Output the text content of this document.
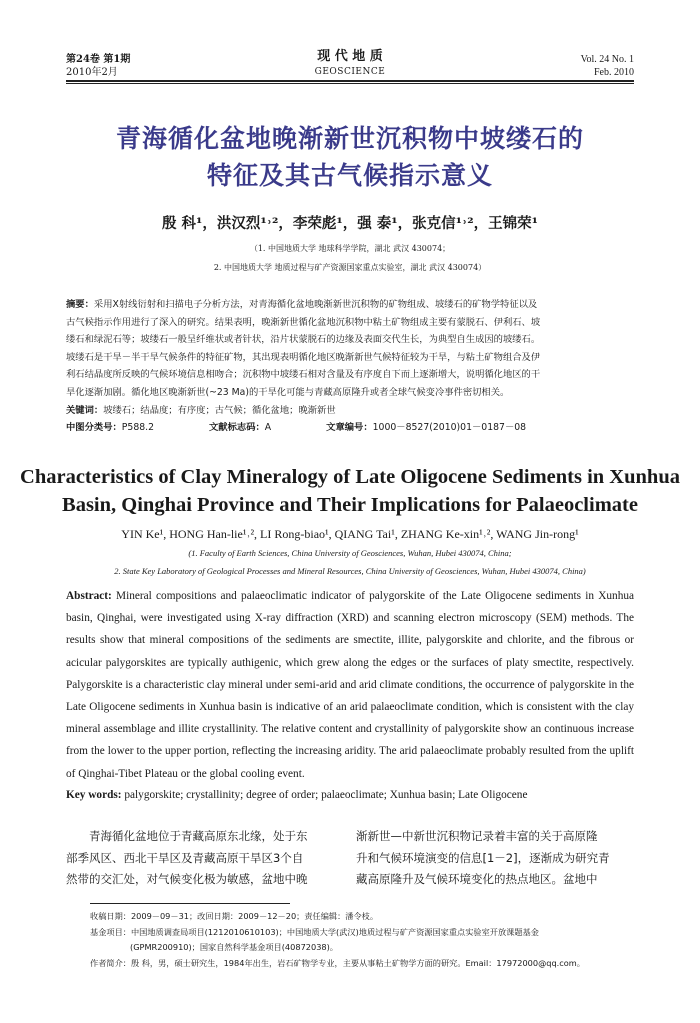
第24卷 第1期
2010年2月
现 代 地 质
GEOSCIENCE
Vol. 24 No. 1
Feb. 2010
青海循化盆地晚渐新世沉积物中坡缕石的
特征及其古气候指示意义
殷 科¹，洪汉烈¹˒²，李荣彪¹，强 泰¹，张克信¹˒²，王锦荣¹
（1. 中国地质大学 地球科学学院，湖北 武汉 430074；
2. 中国地质大学 地质过程与矿产资源国家重点实验室，湖北 武汉 430074）
摘要：采用X射线衍射和扫描电子分析方法，对青海循化盆地晚渐新世沉积物的矿物组成、坡缕石的矿物学特征以及
古气候指示作用进行了深入的研究。结果表明，晚渐新世循化盆地沉积物中粘土矿物组成主要有蒙脱石、伊利石、坡
缕石和绿泥石等；坡缕石一般呈纤维状或者针状，沿片状蒙脱石的边缘及表面交代生长，为典型自生成因的坡缕石。
坡缕石是干旱－半干旱气候条件的特征矿物，其出现表明循化地区晚渐新世气候特征较为干旱，与粘土矿物组合及伊
利石结晶度所反映的气候环境信息相吻合；沉积物中坡缕石相对含量及有序度自下而上逐渐增大，说明循化地区的干
旱化逐渐加剧。循化地区晚渐新世(~23 Ma)的干旱化可能与青藏高原隆升或者全球气候变冷事件密切相关。
关键词：坡缕石；结晶度；有序度；古气候；循化盆地；晚渐新世
中图分类号：P588.2	文献标志码：A	文章编号：1000－8527(2010)01－0187－08
Characteristics of Clay Mineralogy of Late Oligocene Sediments in Xunhua
Basin, Qinghai Province and Their Implications for Palaeoclimate
YIN Ke¹, HONG Han-lie¹˒², LI Rong-biao¹, QIANG Tai¹, ZHANG Ke-xin¹˒², WANG Jin-rong¹
(1. Faculty of Earth Sciences, China University of Geosciences, Wuhan, Hubei 430074, China;
2. State Key Laboratory of Geological Processes and Mineral Resources, China University of Geosciences, Wuhan, Hubei 430074, China)
Abstract: Mineral compositions and palaeoclimatic indicator of palygorskite of the Late Oligocene sediments in Xunhua basin, Qinghai, were investigated using X-ray diffraction (XRD) and scanning electron microscopy (SEM) methods. The results show that mineral compositions of the sediments are smectite, illite, palygorskite and chlorite, and the fibrous or acicular palygorskites are typically authigenic, which grew along the edges or the surfaces of platy smectite, respectively. Palygorskite is a characteristic clay mineral under semi-arid and arid climate conditions, the occurrence of palygorskite in the Late Oligocene sediments in Xunhua basin is indicative of an arid palaeoclimate condition, which is consistent with the clay mineral assemblage and illite crystallinity. The relative content and crystallinity of palygorskite show an continuous increase from the lower to the upper portion, reflecting the increasing aridity. The arid palaeoclimate probably resulted from the uplift of Qinghai-Tibet Plateau or the global cooling event.
Key words: palygorskite; crystallinity; degree of order; palaeoclimate; Xunhua basin; Late Oligocene
青海循化盆地位于青藏高原东北缘，处于东
部季风区、西北干旱区及青藏高原干旱区3个自
然带的交汇处，对气候变化极为敏感，盆地中晚
渐新世—中新世沉积物记录着丰富的关于高原隆
升和气候环境演变的信息[1－2]，逐渐成为研究青
藏高原隆升及气候环境变化的热点地区。盆地中
收稿日期：2009－09－31；改回日期：2009－12－20；责任编辑：潘令枝。
基金项目：中国地质调查局项目(1212010610103)；中国地质大学(武汉)地质过程与矿产资源国家重点实验室开放课题基金
(GPMR200910)；国家自然科学基金项目(40872038)。
作者简介：殷 科，男，硕士研究生，1984年出生，岩石矿物学专业，主要从事粘土矿物学方面的研究。Email：17972000@qq.com。
